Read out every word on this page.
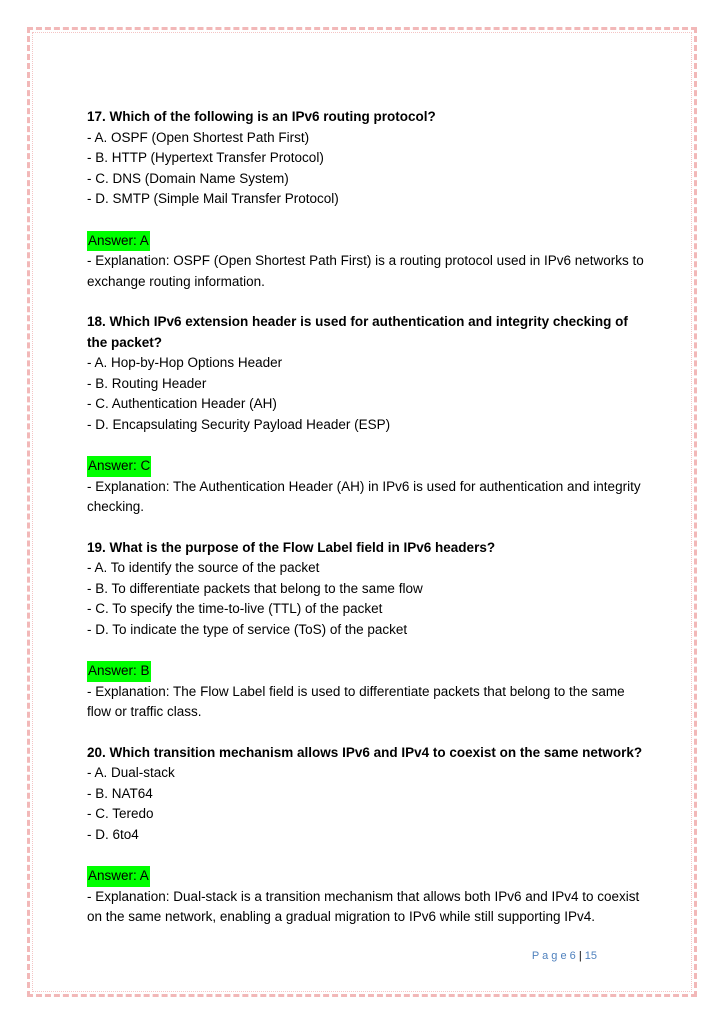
17. Which of the following is an IPv6 routing protocol?
- A. OSPF (Open Shortest Path First)
- B. HTTP (Hypertext Transfer Protocol)
- C. DNS (Domain Name System)
- D. SMTP (Simple Mail Transfer Protocol)
Answer: A
- Explanation: OSPF (Open Shortest Path First) is a routing protocol used in IPv6 networks to exchange routing information.
18. Which IPv6 extension header is used for authentication and integrity checking of the packet?
- A. Hop-by-Hop Options Header
- B. Routing Header
- C. Authentication Header (AH)
- D. Encapsulating Security Payload Header (ESP)
Answer: C
- Explanation: The Authentication Header (AH) in IPv6 is used for authentication and integrity checking.
19. What is the purpose of the Flow Label field in IPv6 headers?
- A. To identify the source of the packet
- B. To differentiate packets that belong to the same flow
- C. To specify the time-to-live (TTL) of the packet
- D. To indicate the type of service (ToS) of the packet
Answer: B
- Explanation: The Flow Label field is used to differentiate packets that belong to the same flow or traffic class.
20. Which transition mechanism allows IPv6 and IPv4 to coexist on the same network?
- A. Dual-stack
- B. NAT64
- C. Teredo
- D. 6to4
Answer: A
- Explanation: Dual-stack is a transition mechanism that allows both IPv6 and IPv4 to coexist on the same network, enabling a gradual migration to IPv6 while still supporting IPv4.
P a g e 6 | 15
